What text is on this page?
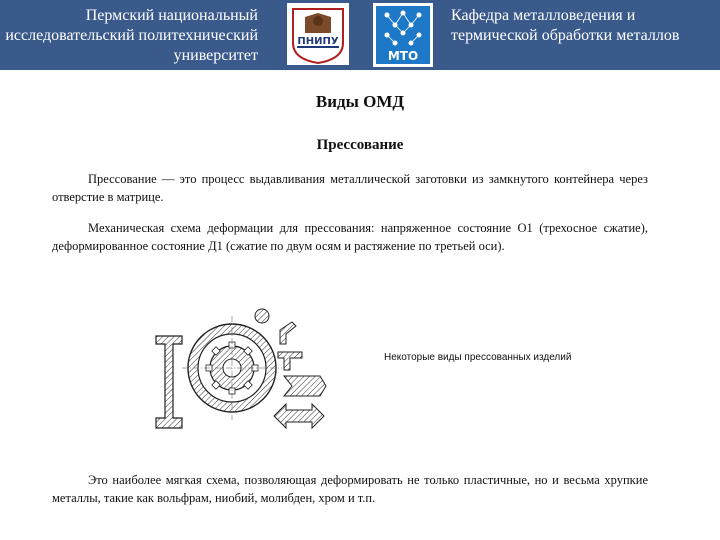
Пермский национальный исследовательский политехнический университет
ПНИПУ
МТО
Кафедра металловедения и термической обработки металлов
Виды ОМД
Прессование

Прессование — это процесс выдавливания металлической заготовки из замкнутого контейнера через отверстие в матрице.

Механическая схема деформации для прессования: напряженное состояние О1 (трехосное сжатие), деформированное состояние Д1 (сжатие по двум осям и растяжение по третьей оси).

Некоторые виды прессованных изделий

Это наиболее мягкая схема, позволяющая деформировать не только пластичные, но и весьма хрупкие металлы, такие как вольфрам, ниобий, молибден, хром и т.п.
